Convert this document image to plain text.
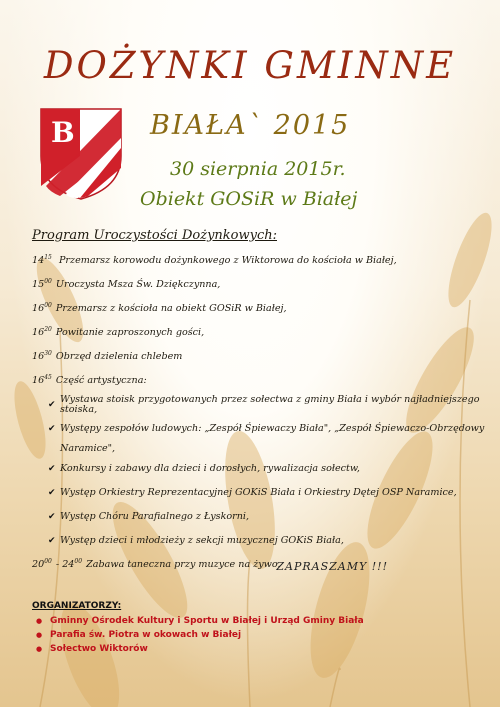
DOŻYNKI GMINNE
B	BIAŁA` 2015
30 sierpnia 2015r.
Obiekt GOSiR w Białej
Program Uroczystości Dożynkowych:
$14^{15}$
Przemarsz korowodu dożynkowego z Wiktorowa do kościoła w Białej,
$15^{00}$
Uroczysta Msza Św. Dziękczynna,
$16^{00}$
Przemarsz z kościoła na obiekt GOSiR w Białej,
$16^{20}$
Powitanie zaproszonych gości,
$16^{30}$
Obrzęd dzielenia chlebem
$16^{45}$
Część artystyczna:
✔ Wystawa stoisk przygotowanych przez sołectwa z gminy Biała i wybór najładniejszego stoiska,
✔ Występy zespołów ludowych: „Zespół Śpiewaczy Biała", „Zespół Śpiewaczo-Obrzędowy
Naramice",
✔ Konkursy i zabawy dla dzieci i dorosłych, rywalizacja sołectw,
✔ Występ Orkiestry Reprezentacyjnej GOKiS Biała i Orkiestry Dętej OSP Naramice,
✔ Występ Chóru Parafialnego z Łyskorni,
✔ Występ dzieci i młodzieży z sekcji muzycznej GOKiS Biała,
$20^{00} - 24^{00}$
Zabawa taneczna przy muzyce na żywo.
ZAPRASZAMY !!!
ORGANIZATORZY:
● Gminny Ośrodek Kultury i Sportu w Białej i Urząd Gminy Biała
● Parafia św. Piotra w okowach w Białej
● Sołectwo Wiktorów
